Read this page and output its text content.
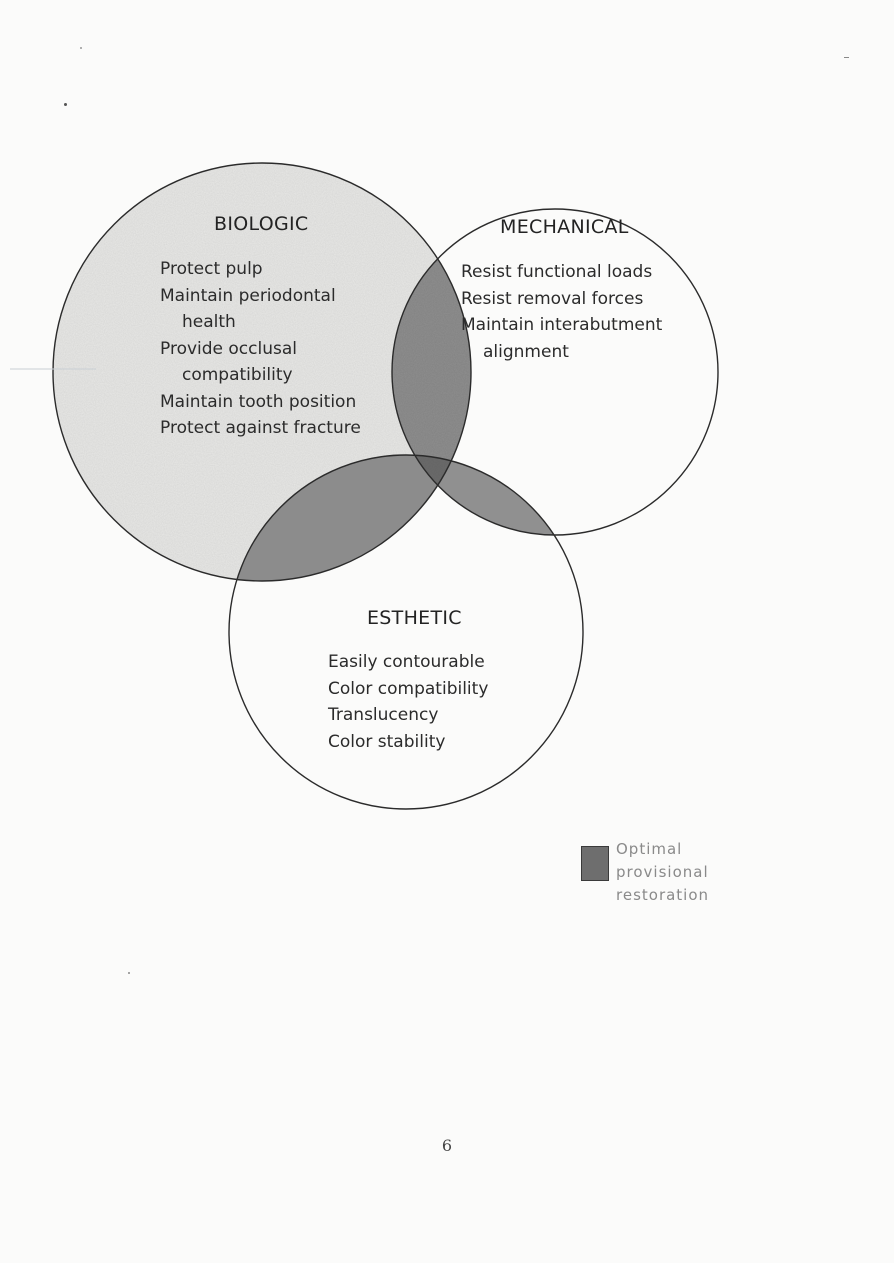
BIOLOGIC

Protect pulp

Maintain periodontal

health

Provide occlusal

compatibility

Maintain tooth position

Protect against fracture

MECHANICAL

Resist functional loads

Resist removal forces

Maintain interabutment

alignment

ESTHETIC

Easily contourable

Color compatibility

Translucency

Color stability

Optimal
provisional
restoration
6
